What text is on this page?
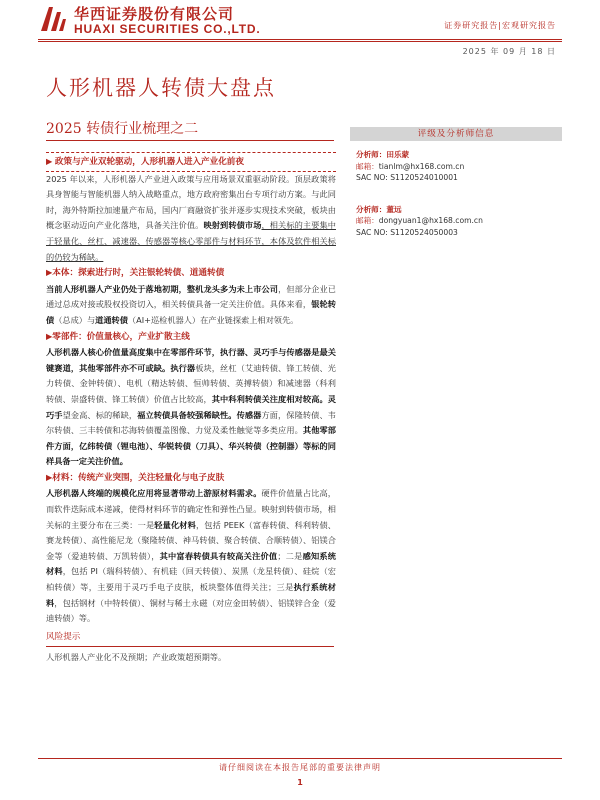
华西证券股份有限公司
HUAXI SECURITIES CO.,LTD.	证券研究报告|宏观研究报告
2025 年 09 月 18 日
人形机器人转债大盘点
2025 转债行业梳理之二

▶ 政策与产业双轮驱动，人形机器人进入产业化前夜

2025 年以来，人形机器人产业进入政策与应用场景双重驱动阶段。顶层政策将具身智能与智能机器人纳入战略重点，地方政府密集出台专项行动方案。与此同时，海外特斯拉加速量产布局，国内厂商融资扩张并逐步实现技术突破，板块由概念驱动迈向产业化落地，具备关注价值。映射到转债市场，相关标的主要集中于轻量化、丝杠、减速器、传感器等核心零部件与材料环节，本体及软件相关标的仍较为稀缺。

▶本体：探索进行时，关注银轮转债、道通转债

当前人形机器人产业仍处于落地初期，整机龙头多为未上市公司，但部分企业已通过总成对接或股权投资切入，相关转债具备一定关注价值。具体来看，银轮转债（总成）与道通转债（AI+巡检机器人）在产业链探索上相对领先。

▶零部件：价值量核心，产业扩散主线

人形机器人核心价值量高度集中在零部件环节，执行器、灵巧手与传感器是最关键赛道，其他零部件亦不可或缺。执行器板块，丝杠（艾迪转债、锋工转债、光力转债、金钟转债）、电机（精达转债、恒帅转债、英搏转债）和减速器（科利转债、崇盛转债、锋工转债）价值占比较高，其中科利转债关注度相对较高。灵巧手望金高、标的稀缺，福立转债具备较强稀缺性。传感器方面，保隆转债、韦尔转债、三丰转债和芯海转债覆盖图像、力觉及柔性触觉等多类应用。其他零部件方面，亿纬转债（锂电池）、华锐转债（刀具）、华兴转债（控制器）等标的同样具备一定关注价值。

▶材料：传统产业突围，关注轻量化与电子皮肤

人形机器人终端的规模化应用将显著带动上游原材料需求。硬件价值量占比高，而软件迭际成本递减，使得材料环节的确定性和弹性凸显。映射到转债市场，相关标的主要分布在三类：一是轻量化材料，包括 PEEK（富春转债、科利转债、赛龙转债）、高性能尼龙（聚隆转债、神马转债、聚合转债、合顺转债）、铝镁合金等（爱迪转债、万凯转债），其中富春转债具有较高关注价值；二是感知系统材料，包括 PI（瑞科转债）、有机硅（回天转债）、炭黑（龙星转债）、硅烷（宏柏转债）等，主要用于灵巧手电子皮肤，板块整体值得关注；三是执行系统材料，包括钢材（中特转债）、铜材与稀土永磁（对应金田转债）、铝镁锌合金（爱迪转债）等。

风险提示
人形机器人产业化不及预期；产业政策超预期等。
评级及分析师信息
分析师：田乐蒙
邮箱：tianlm@hx168.com.cn
SAC NO: S1120524010001
分析师：董远
邮箱：dongyuan1@hx168.com.cn
SAC NO: S1120524050003
请仔细阅读在本报告尾部的重要法律声明
1
